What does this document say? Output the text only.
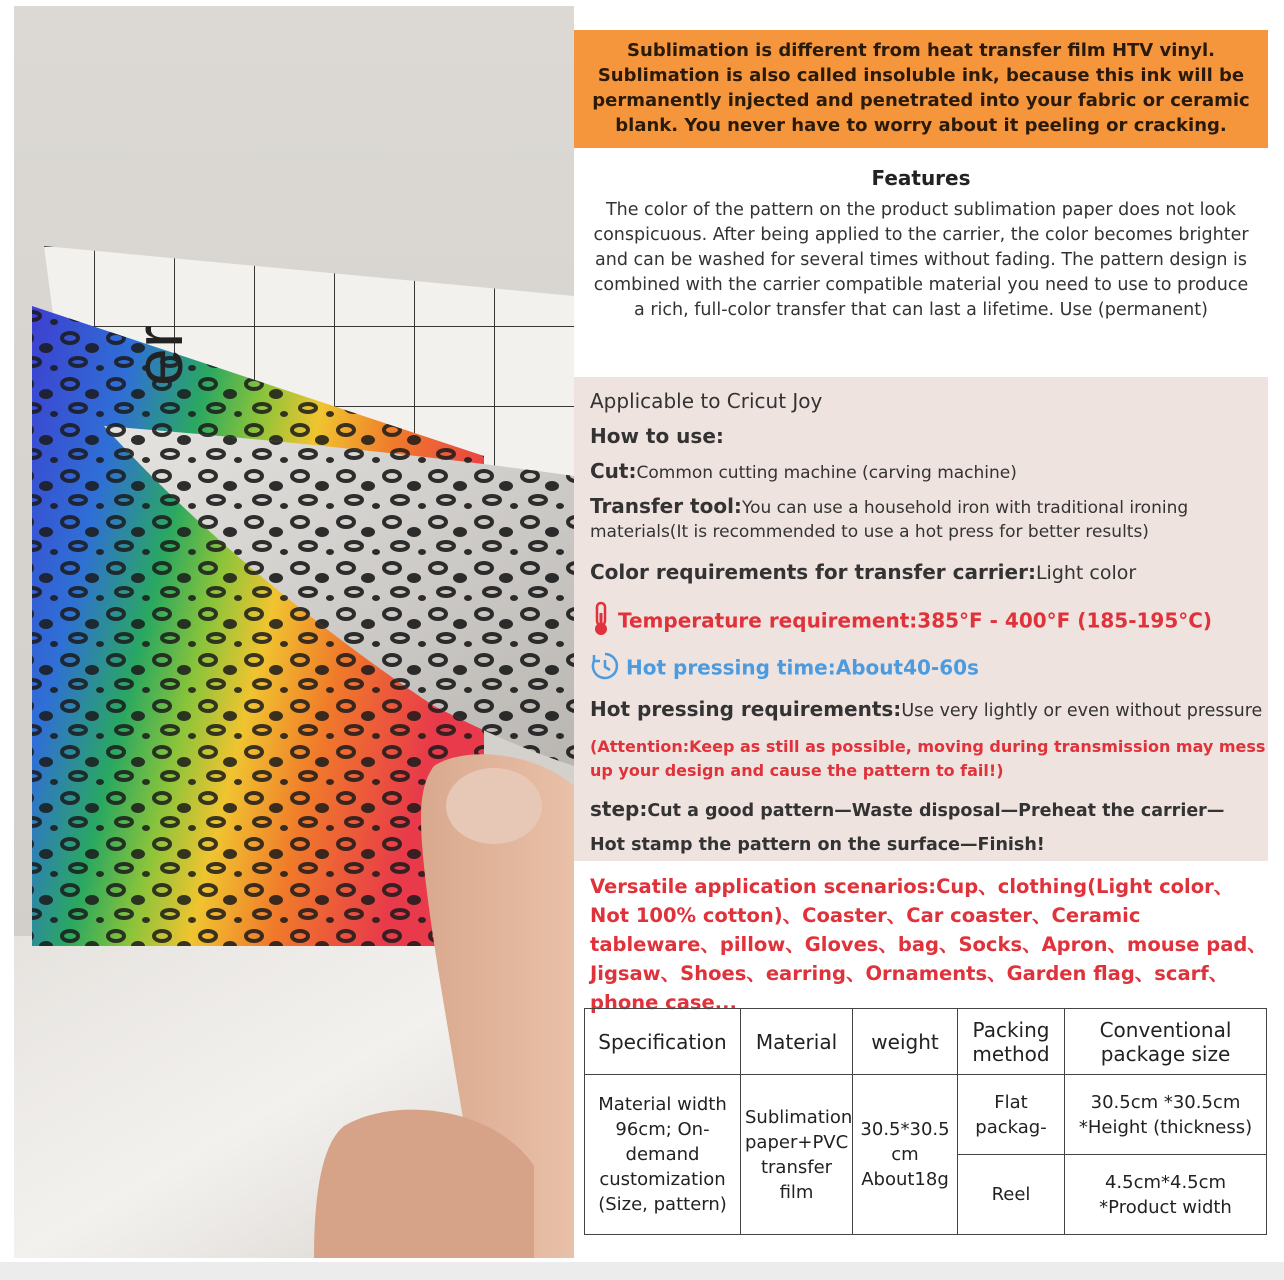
er
Sublimation is different from heat transfer film HTV vinyl. Sublimation is also called insoluble ink, because this ink will be permanently injected and penetrated into your fabric or ceramic blank. You never have to worry about it peeling or cracking.
Features
The color of the pattern on the product sublimation paper does not look conspicuous. After being applied to the carrier, the color becomes brighter and can be washed for several times without fading. The pattern design is combined with the carrier compatible material you need to use to produce a rich, full-color transfer that can last a lifetime. Use (permanent)
Applicable to Cricut Joy
How to use:
Cut:Common cutting machine (carving machine)
Transfer tool:You can use a household iron with traditional ironing
materials(It is recommended to use a hot press for better results)
Color requirements for transfer carrier:Light color
Temperature requirement:385°F - 400°F (185-195°C)
Hot pressing time:About40-60s
Hot pressing requirements:Use very lightly or even without pressure
(Attention:Keep as still as possible, moving during transmission may mess
up your design and cause the pattern to fail!)
step:Cut a good pattern—Waste disposal—Preheat the carrier—
Hot stamp the pattern on the surface—Finish!
Versatile application scenarios:Cup、clothing(Light color、Not 100% cotton)、Coaster、Car coaster、Ceramic tableware、pillow、Gloves、bag、Socks、Apron、mouse pad、Jigsaw、Shoes、earring、Ornaments、Garden flag、scarf、phone case...
Specification	Material	weight	Packing method	Conventional package size
Material width 96cm; On-demand customization (Size, pattern)	Sublimation paper+PVC transfer film	30.5*30.5 cm About18g	Flat packag-	30.5cm *30.5cm *Height (thickness)
			Reel	4.5cm*4.5cm *Product width
